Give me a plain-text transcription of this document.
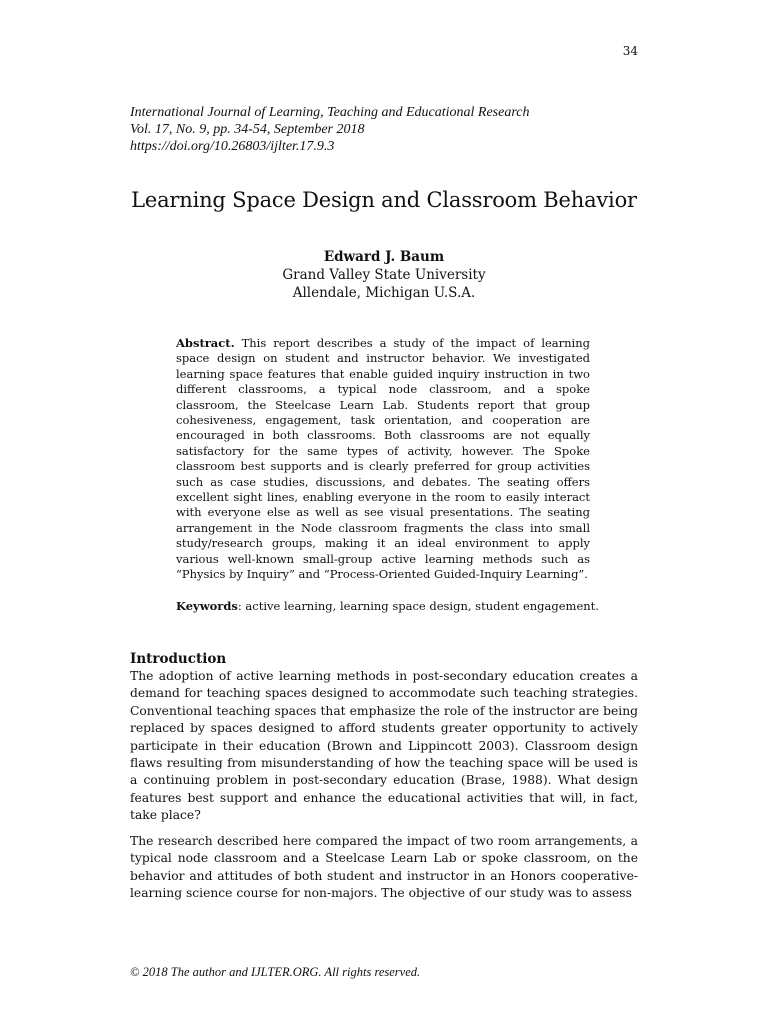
34
International Journal of Learning, Teaching and Educational Research
Vol. 17, No. 9, pp. 34-54, September 2018
https://doi.org/10.26803/ijlter.17.9.3
Learning Space Design and Classroom Behavior
Edward J. Baum
Grand Valley State University
Allendale, Michigan U.S.A.

Abstract. This report describes a study of the impact of learning space design on student and instructor behavior. We investigated learning space features that enable guided inquiry instruction in two different classrooms, a typical node classroom, and a spoke classroom, the Steelcase Learn Lab. Students report that group cohesiveness, engagement, task orientation, and cooperation are encouraged in both classrooms. Both classrooms are not equally satisfactory for the same types of activity, however. The Spoke classroom best supports and is clearly preferred for group activities such as case studies, discussions, and debates. The seating offers excellent sight lines, enabling everyone in the room to easily interact with everyone else as well as see visual presentations. The seating arrangement in the Node classroom fragments the class into small study/research groups, making it an ideal environment to apply various well-known small-group active learning methods such as “Physics by Inquiry” and “Process-Oriented Guided-Inquiry Learning”.

Keywords: active learning, learning space design, student engagement.

Introduction

The adoption of active learning methods in post-secondary education creates a demand for teaching spaces designed to accommodate such teaching strategies. Conventional teaching spaces that emphasize the role of the instructor are being replaced by spaces designed to afford students greater opportunity to actively participate in their education (Brown and Lippincott 2003). Classroom design flaws resulting from misunderstanding of how the teaching space will be used is a continuing problem in post-secondary education (Brase, 1988). What design features best support and enhance the educational activities that will, in fact, take place?

The research described here compared the impact of two room arrangements, a typical node classroom and a Steelcase Learn Lab or spoke classroom, on the behavior and attitudes of both student and instructor in an Honors cooperative-learning science course for non-majors. The objective of our study was to assess

© 2018 The author and IJLTER.ORG. All rights reserved.
